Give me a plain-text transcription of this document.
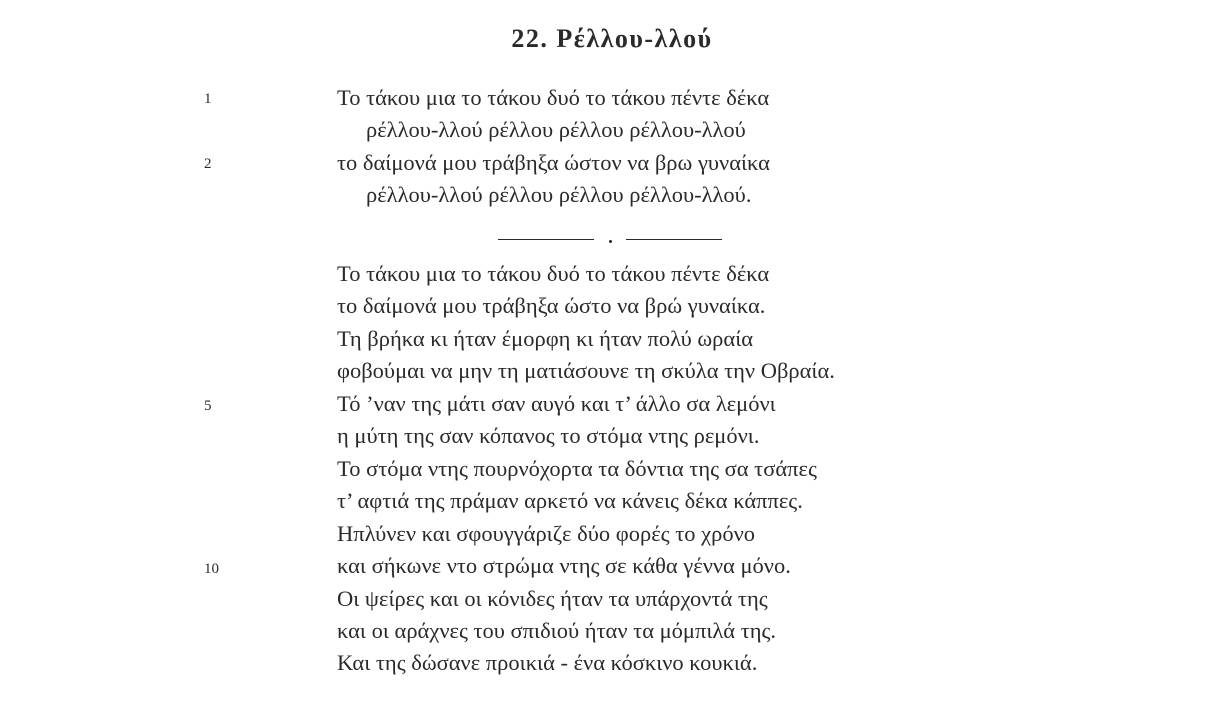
22. Ρέλλου-λλού
1	Το τάκου μια το τάκου δυό το τάκου πέντε δέκα
ρέλλου-λλού ρέλλου ρέλλου ρέλλου-λλού
2	το δαίμονά μου τράβηξα ώστον να βρω γυναίκα
ρέλλου-λλού ρέλλου ρέλλου ρέλλου-λλού.
Το τάκου μια το τάκου δυό το τάκου πέντε δέκα
το δαίμονά μου τράβηξα ώστο να βρώ γυναίκα.
Τη βρήκα κι ήταν έμορφη κι ήταν πολύ ωραία
φοβούμαι να μην τη ματιάσουνε τη σκύλα την Οβραία.
5	Τό ’ναν της μάτι σαν αυγό και τ’ άλλο σα λεμόνι
η μύτη της σαν κόπανος το στόμα ντης ρεμόνι.
Το στόμα ντης πουρνόχορτα τα δόντια της σα τσάπες
τ’ αφτιά της πράμαν αρκετό να κάνεις δέκα κάππες.
Ηπλύνεν και σφουγγάριζε δύο φορές το χρόνο
10	και σήκωνε ντο στρώμα ντης σε κάθα γέννα μόνο.
Οι ψείρες και οι κόνιδες ήταν τα υπάρχοντά της
και οι αράχνες του σπιδιού ήταν τα μόμπιλά της.
Και της δώσανε προικιά - ένα κόσκινο κουκιά.
